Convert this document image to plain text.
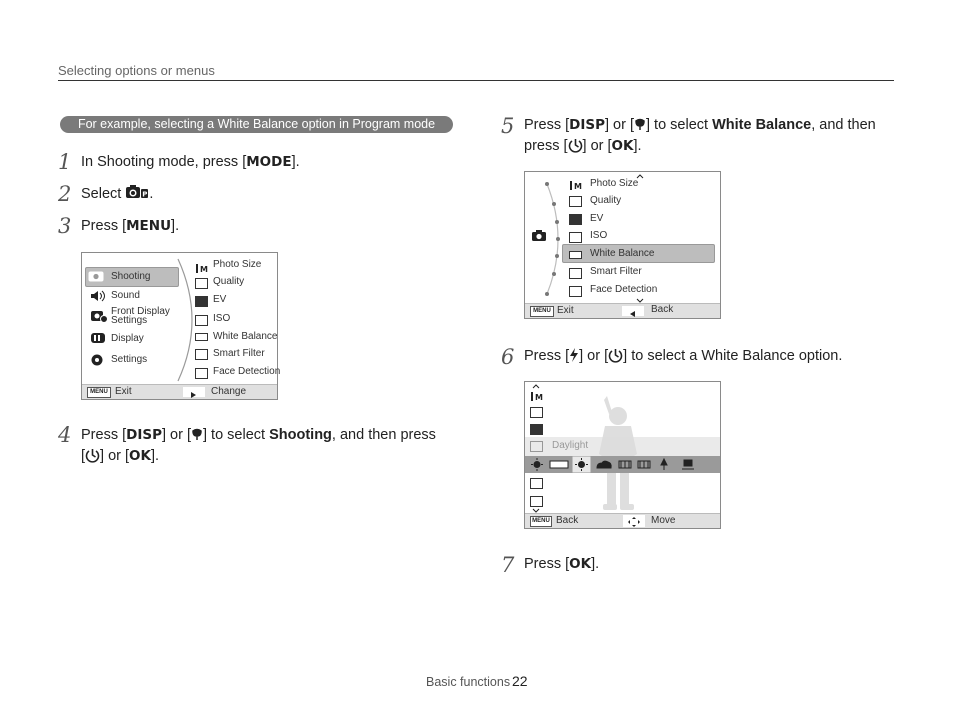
Selecting options or menus
For example, selecting a White Balance option in Program mode
1 In Shooting mode, press [MODE].
2 Select	P .
3 Press [MENU].
Shooting
Sound
Front Display
Settings
Display
Settings
M Photo Size
Quality
EV
ISO
White Balance
Smart Filter
Face Detection
MENU Exit	Change
4 Press [DISP] or [ ] to select Shooting, and then press
[ ] or [OK].
5 Press [DISP] or [ ] to select White Balance, and then
press [ ] or [OK].
M Photo Size
Quality
EV
ISO
White Balance
Smart Filter
Face Detection
MENU Exit	Back
6 Press [ ] or [ ] to select a White Balance option.
M
MENU Back	Move
7 Press [OK].
Basic functions 22
